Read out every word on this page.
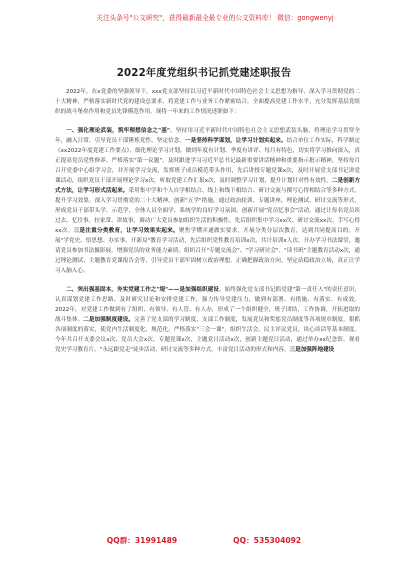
关注头条号"公文研究"，获得最新最全最专业的公文资料库！ 微信：gongwenyj
2022年度党组织书记抓党建述职报告

2022年，在x党委的坚强领导下，xxx党支部坚持以习近平新时代中国特色社会主义思想为指导，深入学习贯彻党的二十大精神，严格落实新时代党的建设总要求，将党建工作与业务工作紧密结合，全面提高党建工作水平，充分发挥基层党组织的战斗堡垒作用和党员先锋模范作用。现将一年来的工作情况述职如下：

一、强化理论武装，筑牢理想信念之"基"。坚持用习近平新时代中国特色社会主义思想武装头脑，将理论学习贯穿全年，融入日常，引导党员干部锤炼党性、坚定信念。一是坚持科学谋划，让学习计划实起来。结合单位工作实际，科学制定《xx2022年度党建工作要点》，细化理论学习计划，做到年度有计划、季度有讲评、每月有特色，切实将学习推向深入，真正提高党员党性修养。严格落实"第一议题"，及时跟进学习习近平总书记最新重要讲话精神和重要指示批示精神，坚持每月召开党委中心组学习会，并开展学习交流，发挥班子成员模范带头作用，先后讲授专题党课x次，及时开展党支部书记讲党课活动，组织党员干部开展理论学习x次，听取党建工作汇报x次，及时调整学习计划，提升计划针对性有效性。二是创新方式方法，让学习形式活起来。采用集中学和个人自学相结合、线上和线下相结合、研讨交流与撰写心得相结合等多种方式，提升学习效果。深入学习贯彻党的二十大精神，创新"五学"措施，通过政治轮训、专题讲座、理论测试、研讨交流等形式，形成党员干部带头学、示范学，全体人员全面学、系统学的良好学习氛围。创新开展"党员忆事会"活动，通过让每名党员谈过去、忆往事、拉家常、讲故事，调动广大党员参加组织生活的积极性。先后组织集中学习xx次、研讨交流xx次、手写心得xx次。三是注重分类教育，让学习效果实起来。聚焦学懂弄通做实要求，开展分类分层次教育，达到共同提高目的。开展"学党史、悟思想、办实事、开新局"教育学习活动，先后组织党性教育培训x次，共计培训x人次。开办学习书法课堂，邀请党员参加书法摄影展，增强党员的业务能力素质。组织召开"专题交流会"、"学习研讨会"、"读书班"主题教育活动x次，通过理论测试、主题教育党课报告会等，引导党员干部牢固树立政治理想，正确把握政治方向，坚定站稳政治立场，真正让学习入脑入心。

二、突出强基固本，夯实党建工作之"堤"——是加强组织建设。始终强化党支部书记抓党建"第一责任人"的责任意识，认真谋划党建工作思路、及时研究讨论和安排党建工作，强力传导党建压力，做到有部署、有措施、有落实、有成效。2022年，对党建工作做到有了组织、有领导、有人管、有人办，形成了一个组织健全，班子团结，工作协调，开拓进取的战斗集体。二是加强制度建设。完善了党支部的学习制度，支部工作制度，发展党员和奖惩党员制度等各项规章制度，狠抓各项制度的落实，使党内生活制度化、规范化。严格落实"三会一课"，组织生活会，民主评议党员，谈心谈话等基本制度。今年共召开支委会议x次、党员大会x次、专题党课x次、主题党日活动x次，创新主题党日活动，通过举办xx纪念馆、观看党史学习教育片、"永远跟党走"徒步活动、研讨交流等多种方式，丰富党日活动的形式和内容。三是加强阵地建设

QQ群：31991489	QQ：535304092
